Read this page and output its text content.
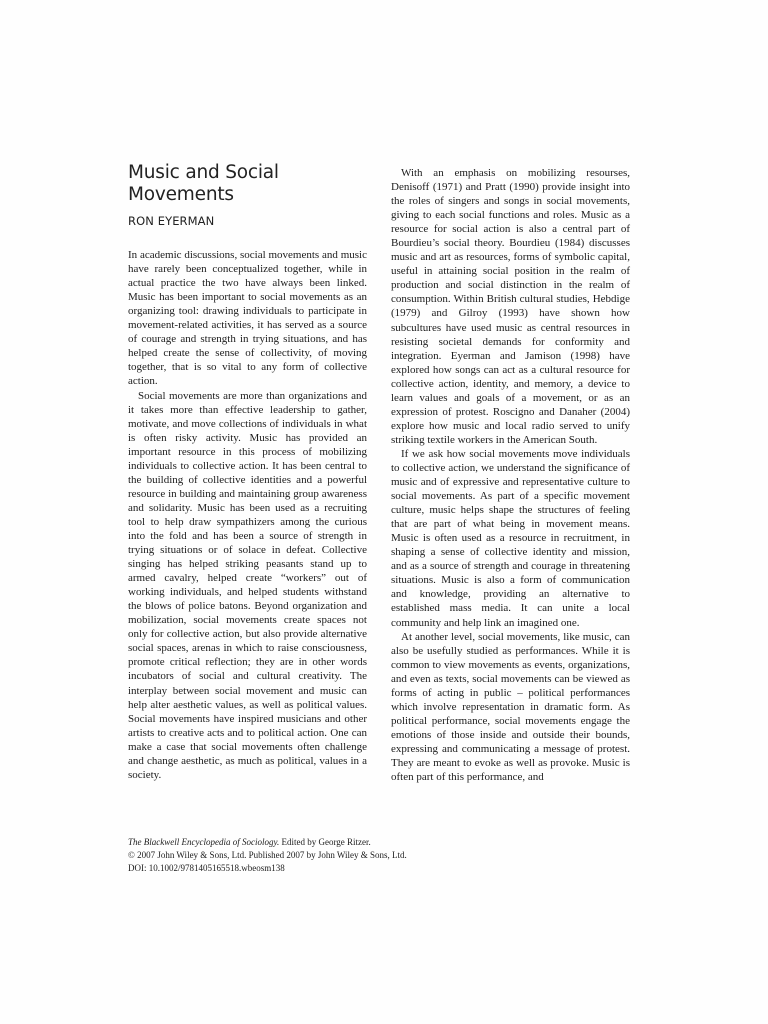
Music and Social Movements
RON EYERMAN

In academic discussions, social movements and music have rarely been conceptualized together, while in actual practice the two have always been linked. Music has been important to social movements as an organizing tool: drawing individuals to participate in movement-related activities, it has served as a source of courage and strength in trying situations, and has helped create the sense of collectivity, of moving together, that is so vital to any form of collective action.

Social movements are more than organizations and it takes more than effective leadership to gather, motivate, and move collections of individuals in what is often risky activity. Music has provided an important resource in this process of mobilizing individuals to collective action. It has been central to the building of collective identities and a powerful resource in building and maintaining group awareness and solidarity. Music has been used as a recruiting tool to help draw sympathizers among the curious into the fold and has been a source of strength in trying situations or of solace in defeat. Collective singing has helped striking peasants stand up to armed cavalry, helped create “workers” out of working individuals, and helped students withstand the blows of police batons. Beyond organization and mobilization, social movements create spaces not only for collective action, but also provide alternative social spaces, arenas in which to raise consciousness, promote critical reflection; they are in other words incubators of social and cultural creativity. The interplay between social movement and music can help alter aesthetic values, as well as political values. Social movements have inspired musicians and other artists to creative acts and to political action. One can make a case that social movements often challenge and change aesthetic, as much as political, values in a society.

With an emphasis on mobilizing resourses, Denisoff (1971) and Pratt (1990) provide insight into the roles of singers and songs in social movements, giving to each social functions and roles. Music as a resource for social action is also a central part of Bourdieu’s social theory. Bourdieu (1984) discusses music and art as resources, forms of symbolic capital, useful in attaining social position in the realm of production and social distinction in the realm of consumption. Within British cultural studies, Hebdige (1979) and Gilroy (1993) have shown how subcultures have used music as central resources in resisting societal demands for conformity and integration. Eyerman and Jamison (1998) have explored how songs can act as a cultural resource for collective action, identity, and memory, a device to learn values and goals of a movement, or as an expression of protest. Roscigno and Danaher (2004) explore how music and local radio served to unify striking textile workers in the American South.

If we ask how social movements move individuals to collective action, we understand the significance of music and of expressive and representative culture to social movements. As part of a specific movement culture, music helps shape the structures of feeling that are part of what being in movement means. Music is often used as a resource in recruitment, in shaping a sense of collective identity and mission, and as a source of strength and courage in threatening situations. Music is also a form of communication and knowledge, providing an alternative to established mass media. It can unite a local community and help link an imagined one.

At another level, social movements, like music, can also be usefully studied as performances. While it is common to view movements as events, organizations, and even as texts, social movements can be viewed as forms of acting in public – political performances which involve representation in dramatic form. As political performance, social movements engage the emotions of those inside and outside their bounds, expressing and communicating a message of protest. They are meant to evoke as well as provoke. Music is often part of this performance, and

The Blackwell Encyclopedia of Sociology. Edited by George Ritzer.
© 2007 John Wiley & Sons, Ltd. Published 2007 by John Wiley & Sons, Ltd.
DOI: 10.1002/9781405165518.wbeosm138
